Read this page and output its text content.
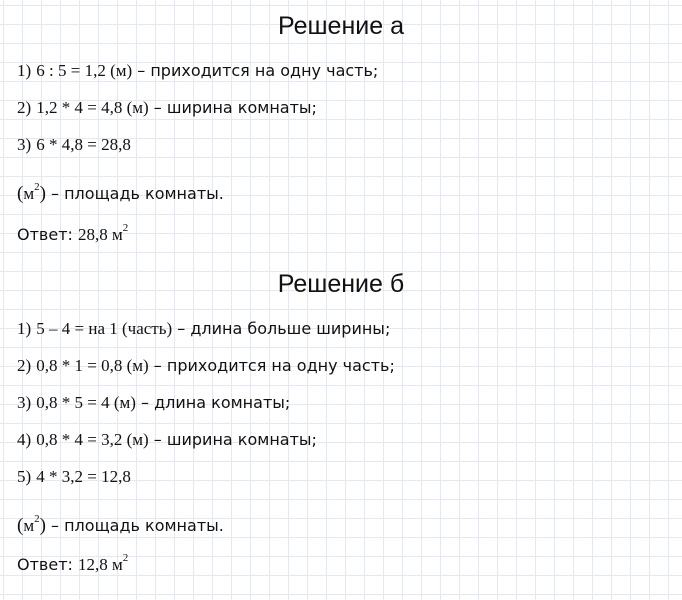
Решение а
1) 6 : 5 = 1,2 (м) – приходится на одну часть;
2) 1,2 * 4 = 4,8 (м) – ширина комнаты;
3) 6 * 4,8 = 28,8
$(м^2)$ – площадь комнаты.
Ответ: 28,8 $м^2$
Решение б
1) 5 – 4 = на 1 (часть) – длина больше ширины;
2) 0,8 * 1 = 0,8 (м) – приходится на одну часть;
3) 0,8 * 5 = 4 (м) – длина комнаты;
4) 0,8 * 4 = 3,2 (м) – ширина комнаты;
5) 4 * 3,2 = 12,8
$(м^2)$ – площадь комнаты.
Ответ: 12,8 $м^2$
